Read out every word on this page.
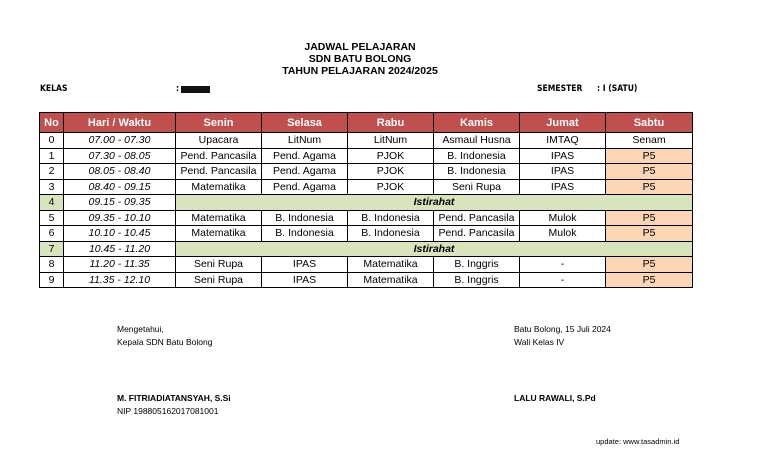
JADWAL PELAJARAN
SDN BATU BOLONG
TAHUN PELAJARAN 2024/2025
KELAS	:	SEMESTER : I (SATU)
No	Hari / Waktu	Senin	Selasa	Rabu	Kamis	Jumat	Sabtu
0	07.00 - 07.30	Upacara	LitNum	LitNum	Asmaul Husna	IMTAQ	Senam
1	07.30 - 08.05	Pend. Pancasila	Pend. Agama	PJOK	B. Indonesia	IPAS	P5
2	08.05 - 08.40	Pend. Pancasila	Pend. Agama	PJOK	B. Indonesia	IPAS	P5
3	08.40 - 09.15	Matematika	Pend. Agama	PJOK	Seni Rupa	IPAS	P5
4	09.15 - 09.35	Istirahat					
5	09.35 - 10.10	Matematika	B. Indonesia	B. Indonesia	Pend. Pancasila	Mulok	P5
6	10.10 - 10.45	Matematika	B. Indonesia	B. Indonesia	Pend. Pancasila	Mulok	P5
7	10.45 - 11.20	Istirahat					
8	11.20 - 11.35	Seni Rupa	IPAS	Matematika	B. Inggris	-	P5
9	11.35 - 12.10	Seni Rupa	IPAS	Matematika	B. Inggris	-	P5
Mengetahui,
Kepala SDN Batu Bolong
Batu Bolong, 15 Juli 2024
Wali Kelas IV
M. FITRIADIATANSYAH, S.Si
NIP 198805162017081001
LALU RAWALI, S.Pd
update: www.tasadmin.id
